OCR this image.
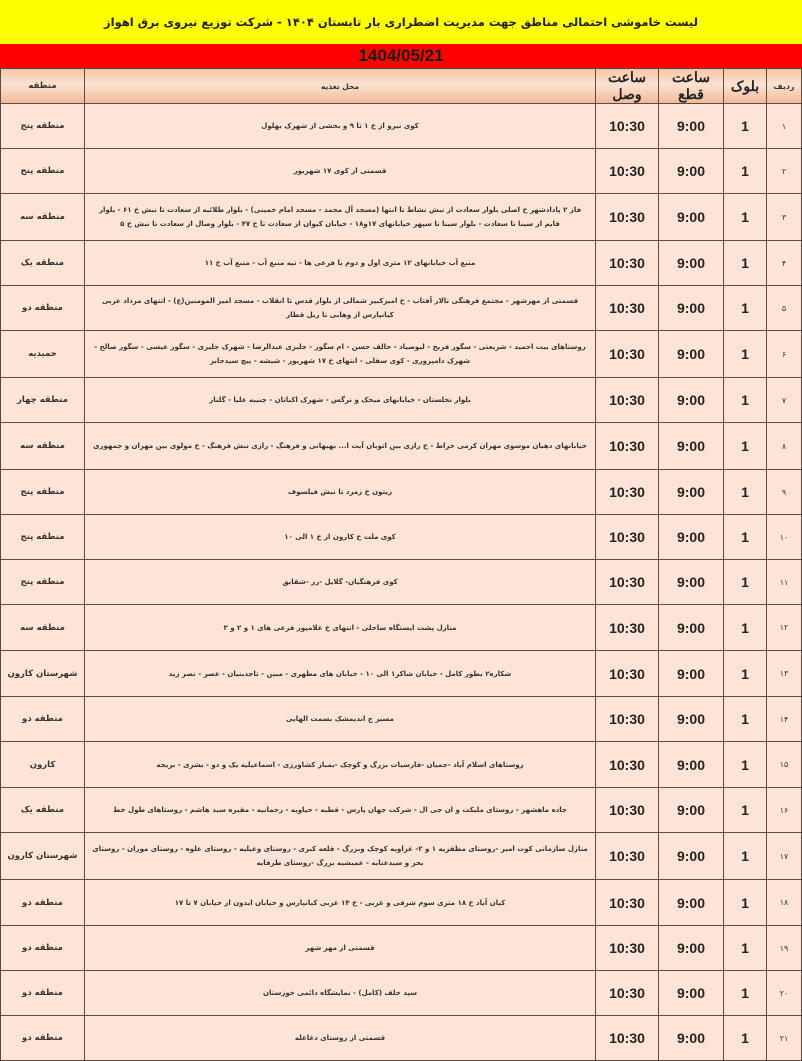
لیست خاموشی احتمالی مناطق جهت مدیریت اضطراری بار تابستان ۱۴۰۴ - شرکت توزیع نیروی برق اهواز
1404/05/21
ردیف	بلوک	ساعت قطع	ساعت وصل	محل تغذیه	منطقه
۱	1	9:00	10:30	کوی نیرو از خ ۱ تا ۹ و بخشی از شهرک بهلول	منطقه پنج
۲	1	9:00	10:30	قسمتی از کوی ۱۷ شهریور	منطقه پنج
۳	1	9:00	10:30	فاز ۲ پادادشهر خ اصلی بلوار سعادت از نبش نشاط تا انتها (مسجد آل محمد - مسجد امام خمینی) - بلوار طلائیه از سعادت تا نبش خ ۶۱ - بلوار قایم از سینا تا سعادت - بلوار سینا تا سپهر خیابانهای ۱۷و۱۸ - خیابان کیوان از سعادت تا خ ۴۷ - بلوار وصال از سعادت تا نبش خ ۵	منطقه سه
۴	1	9:00	10:30	منبع آب خیابانهای ۱۲ متری اول و دوم با فرعی ها - تپه منبع آب - منبع آب خ ۱۱	منطقه یک
۵	1	9:00	10:30	قسمتی از مهرشهر - مجتمع فرهنگی تالار آفتاب - خ امیرکبیر شمالی از بلوار قدس تا انقلاب - مسجد امیر المومنین(ع) - انتهای مرداد غربی کیانپارس از وهابی تا ریل قطار	منطقه دو
۶	1	9:00	10:30	روستاهای بیت احمید - شریعتی - سگور فریح - لیوصیاد - حالف حسن - ام سگور - جلیزی عبدالرضا - شهرک جلیزی - سگور عیسی - سگور صالح - شهرک دامپروری - کوی سفلی - انتهای خ ۱۷ شهریور - شیشه - پیچ سیدجابر	حمیدیه
۷	1	9:00	10:30	بلوار نخلستان - خیابانهای میخک و نرگس - شهرک اکباتان - چنیبه علیا - گلناز	منطقه چهار
۸	1	9:00	10:30	خیابانهای دهبان موسوی مهران کرمی خراط - خ رازی بین اتوبان آیت ا... بهبهانی و فرهنگ - رازی نبش فرهنگ - خ مولوی بین مهران و جمهوری	منطقه سه
۹	1	9:00	10:30	زیتون خ زمرد تا نبش فیلسوف	منطقه پنج
۱۰	1	9:00	10:30	کوی ملت خ کارون از خ ۱ الی ۱۰	منطقه پنج
۱۱	1	9:00	10:30	کوی فرهنگیان- گلایل -رز -شقایق	منطقه پنج
۱۲	1	9:00	10:30	منازل پشت ایستگاه ساحلی - انتهای خ غلامپور فرعی های ۱ و ۲ و ۳	منطقه سه
۱۳	1	9:00	10:30	شکاره۲ بطور کامل - خیابان شاکر۱ الی ۱۰ - خیابان های مطهری - مبین - تاجدینیان - عصر - نصر زید	شهرستان کارون
۱۴	1	9:00	10:30	مسیر ج اندیمشک بسمت الهایی	منطقه دو
۱۵	1	9:00	10:30	روستاهای اسلام آباد -جمیان -فارسیات بزرگ و کوچک -بمباز کشاورزی - اسماعیلیه یک و دو - بشری - بریجه	کارون
۱۶	1	9:00	10:30	جاده ماهشهر - روستای ملیکت و ان جی ال - شرکت جهان پارس - قطبه - حیاویه - رحمانیه - مقبره سید هاشم - روستاهای طول خط	منطقه یک
۱۷	1	9:00	10:30	منازل سازمانی کوت امیر -روستای مظفریه ۱ و ۲- غزاویه کوچک وبزرگ - قلعه کبری - روستای وعیلیه - روستای علوه - روستای موران - روستای بحر و سیدعنایه - عمیشیه بزرگ -روستای طرفایه	شهرستان کارون
۱۸	1	9:00	10:30	کیان آباد خ ۱۸ متری سوم شرقی و غربی - خ ۱۴ غربی کیانپارس و خیابان ایدون از خیابان ۷ تا ۱۷	منطقه دو
۱۹	1	9:00	10:30	قسمتی از مهر شهر	منطقه دو
۲۰	1	9:00	10:30	سید خلف (کامل) - نمایشگاه دائمی خوزستان	منطقه دو
۲۱	1	9:00	10:30	قسمتی از روستای دغاغله	منطقه دو
